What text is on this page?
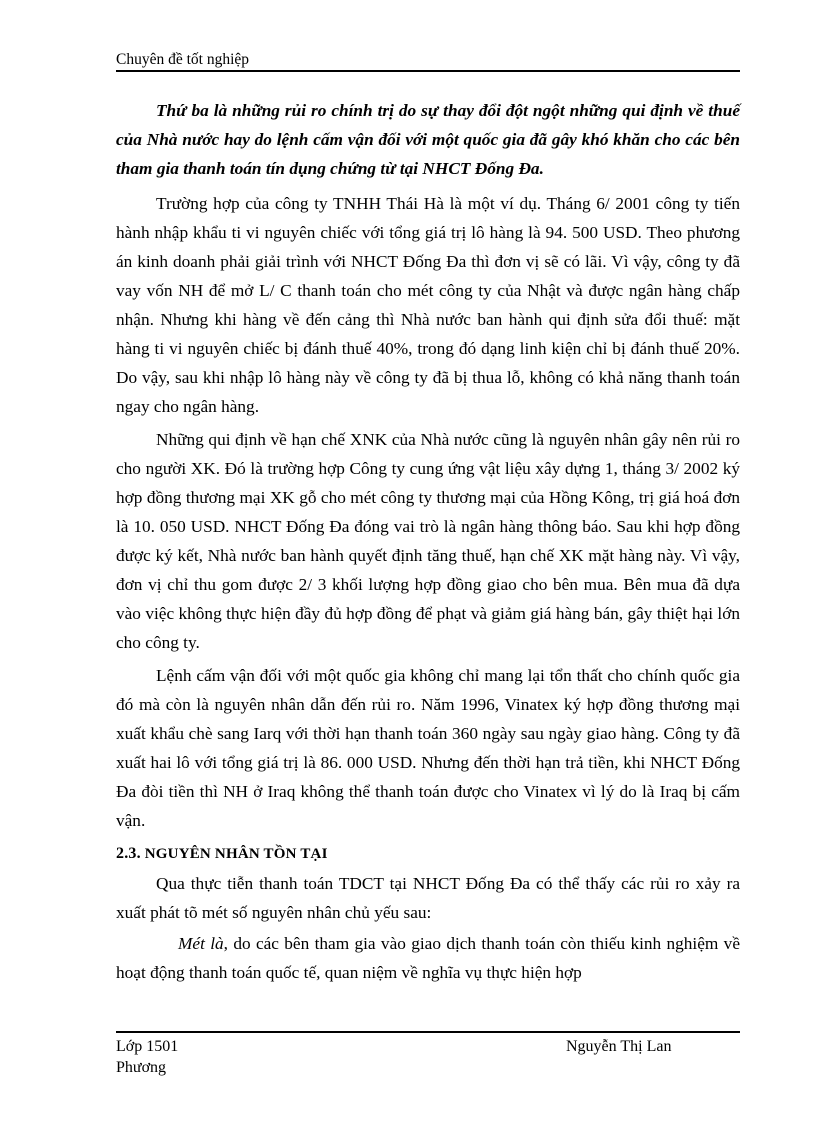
Chuyên đề tốt nghiệp

Thứ ba là những rủi ro chính trị do sự thay đổi đột ngột những qui định về thuế của Nhà nước hay do lệnh cấm vận đối với một quốc gia đã gây khó khăn cho các bên tham gia thanh toán tín dụng chứng từ tại NHCT Đống Đa.

Trường hợp của công ty TNHH Thái Hà là một ví dụ. Tháng 6/ 2001 công ty tiến hành nhập khẩu ti vi nguyên chiếc với tổng giá trị lô hàng là 94. 500 USD. Theo phương án kinh doanh phải giải trình với NHCT Đống Đa thì đơn vị sẽ có lãi. Vì vậy, công ty đã vay vốn NH để mở L/ C thanh toán cho mét công ty của Nhật và được ngân hàng chấp nhận. Nhưng khi hàng về đến cảng thì Nhà nước ban hành qui định sửa đổi thuế: mặt hàng ti vi nguyên chiếc bị đánh thuế 40%, trong đó dạng linh kiện chỉ bị đánh thuế 20%. Do vậy, sau khi nhập lô hàng này về công ty đã bị thua lỗ, không có khả năng thanh toán ngay cho ngân hàng.

Những qui định về hạn chế XNK của Nhà nước cũng là nguyên nhân gây nên rủi ro cho người XK. Đó là trường hợp Công ty cung ứng vật liệu xây dựng 1, tháng 3/ 2002 ký hợp đồng thương mại XK gỗ cho mét công ty thương mại của Hồng Kông, trị giá hoá đơn là 10. 050 USD. NHCT Đống Đa đóng vai trò là ngân hàng thông báo. Sau khi hợp đồng được ký kết, Nhà nước ban hành quyết định tăng thuế, hạn chế XK mặt hàng này. Vì vậy, đơn vị chỉ thu gom được 2/ 3 khối lượng hợp đồng giao cho bên mua. Bên mua đã dựa vào việc không thực hiện đầy đủ hợp đồng để phạt và giảm giá hàng bán, gây thiệt hại lớn cho công ty.

Lệnh cấm vận đối với một quốc gia không chỉ mang lại tổn thất cho chính quốc gia đó mà còn là nguyên nhân dẫn đến rủi ro. Năm 1996, Vinatex ký hợp đồng thương mại xuất khẩu chè sang Iarq với thời hạn thanh toán 360 ngày sau ngày giao hàng. Công ty đã xuất hai lô với tổng giá trị là 86. 000 USD. Nhưng đến thời hạn trả tiền, khi NHCT Đống Đa đòi tiền thì NH ở Iraq không thể thanh toán được cho Vinatex vì lý do là Iraq bị cấm vận.

2.3. NGUYÊN NHÂN TỒN TẠI

Qua thực tiễn thanh toán TDCT tại NHCT Đống Đa có thể thấy các rủi ro xảy ra xuất phát tõ mét số nguyên nhân chủ yếu sau:

Mét là, do các bên tham gia vào giao dịch thanh toán còn thiếu kinh nghiệm về hoạt động thanh toán quốc tế, quan niệm về nghĩa vụ thực hiện hợp

Lớp 1501
Phương
Nguyễn Thị Lan
